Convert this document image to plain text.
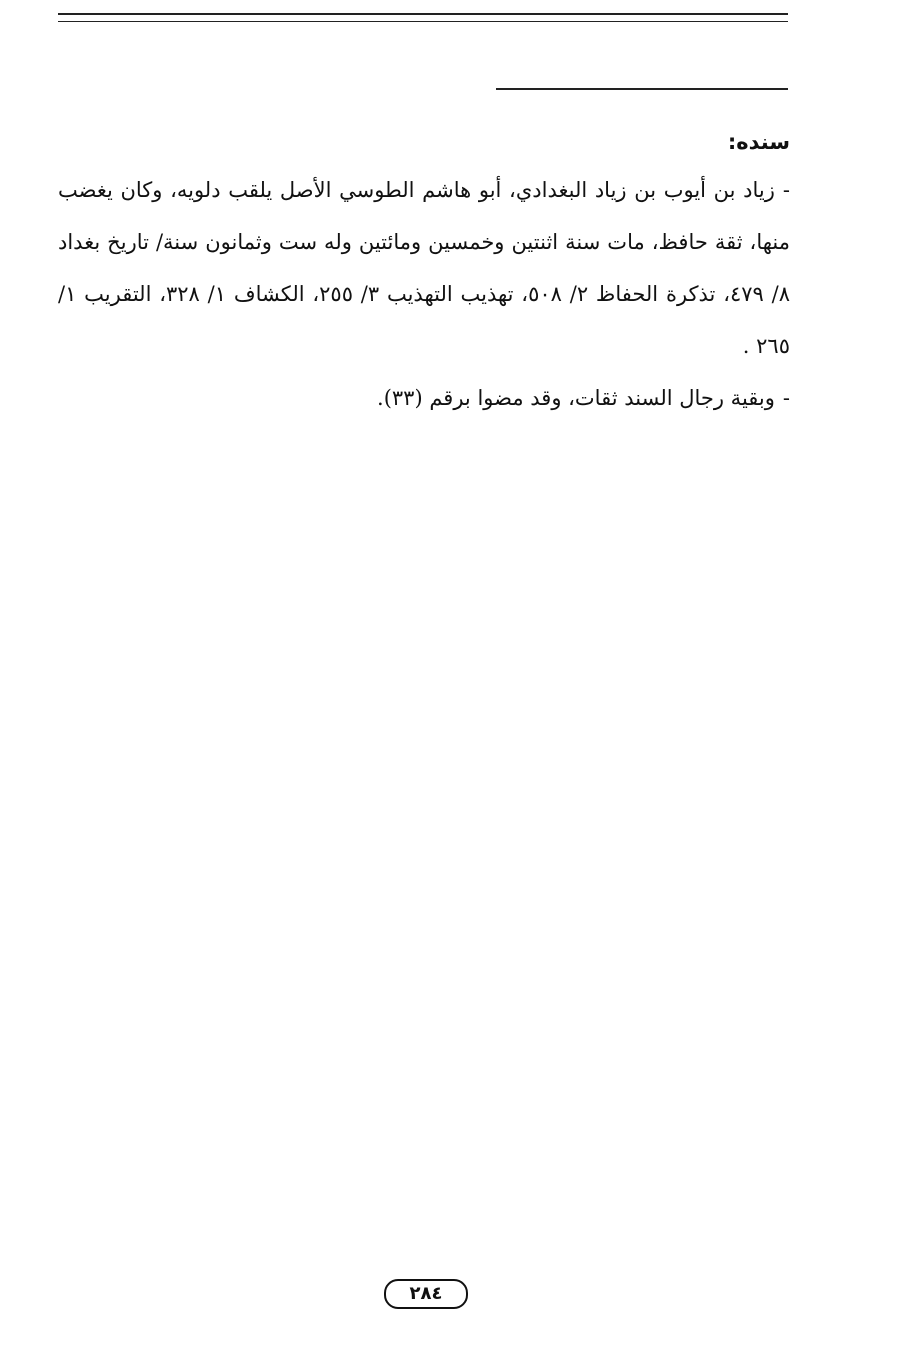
سنده:

-زياد بن أيوب بن زياد البغدادي، أبو هاشم الطوسي الأصل يلقب دلويه، وكان يغضب منها، ثقة حافظ، مات سنة اثنتين وخمسين ومائتين وله ست وثمانون سنة/ تاريخ بغداد ٨/ ٤٧٩، تذكرة الحفاظ ٢/ ٥٠٨، تهذيب التهذيب ٣/ ٢٥٥، الكشاف ١/ ٣٢٨، التقريب ١/ ٢٦٥ .

-وبقية رجال السند ثقات، وقد مضوا برقم (٣٣).

٢٨٤
